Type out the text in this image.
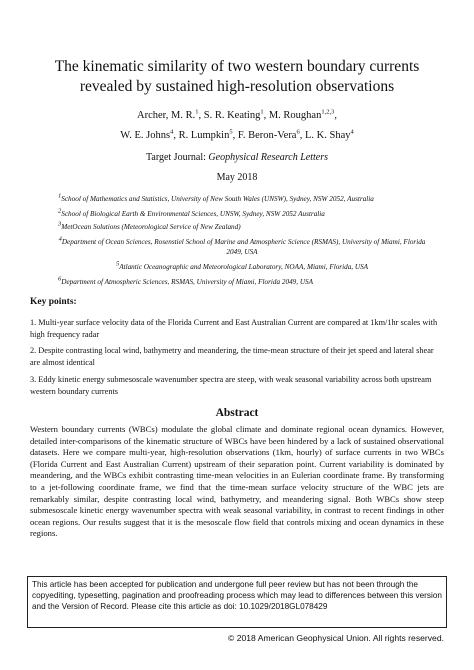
The kinematic similarity of two western boundary currents
revealed by sustained high-resolution observations
Archer, M. R.$^1$, S. R. Keating$^1$, M. Roughan$^{1,2,3}$,
W. E. Johns$^4$, R. Lumpkin$^5$, F. Beron-Vera$^6$, L. K. Shay$^4$
Target Journal: Geophysical Research Letters
May 2018
$^1$School of Mathematics and Statistics, University of New South Wales (UNSW), Sydney, NSW 2052, Australia
$^2$School of Biological Earth & Environmental Sciences, UNSW, Sydney, NSW 2052 Australia
$^3$MetOcean Solutions (Meteorological Service of New Zealand)
$^4$Department of Ocean Sciences, Rosenstiel School of Marine and Atmospheric Science (RSMAS), University of Miami, Florida 2049, USA
$^5$Atlantic Oceanographic and Meteorological Laboratory, NOAA, Miami, Florida, USA
$^6$Department of Atmospheric Sciences, RSMAS, University of Miami, Florida 2049, USA
Key points:
1. Multi-year surface velocity data of the Florida Current and East Australian Current are compared at 1km/1hr scales with high frequency radar
2. Despite contrasting local wind, bathymetry and meandering, the time-mean structure of their jet speed and lateral shear are almost identical
3. Eddy kinetic energy submesoscale wavenumber spectra are steep, with weak seasonal variability across both upstream western boundary currents
Abstract
Western boundary currents (WBCs) modulate the global climate and dominate regional ocean dynamics. However, detailed inter-comparisons of the kinematic structure of WBCs have been hindered by a lack of sustained observational datasets. Here we compare multi-year, high-resolution observations (1km, hourly) of surface currents in two WBCs (Florida Current and East Australian Current) upstream of their separation point. Current variability is dominated by meandering, and the WBCs exhibit contrasting time-mean velocities in an Eulerian coordinate frame. By transforming to a jet-following coordinate frame, we find that the time-mean surface velocity structure of the WBC jets are remarkably similar, despite contrasting local wind, bathymetry, and meandering signal. Both WBCs show steep submesoscale kinetic energy wavenumber spectra with weak seasonal variability, in contrast to recent findings in other ocean regions. Our results suggest that it is the mesoscale flow field that controls mixing and ocean dynamics in these regions.
This article has been accepted for publication and undergone full peer review but has not been through the copyediting, typesetting, pagination and proofreading process which may lead to differences between this version and the Version of Record. Please cite this article as doi: 10.1029/2018GL078429
© 2018 American Geophysical Union. All rights reserved.
